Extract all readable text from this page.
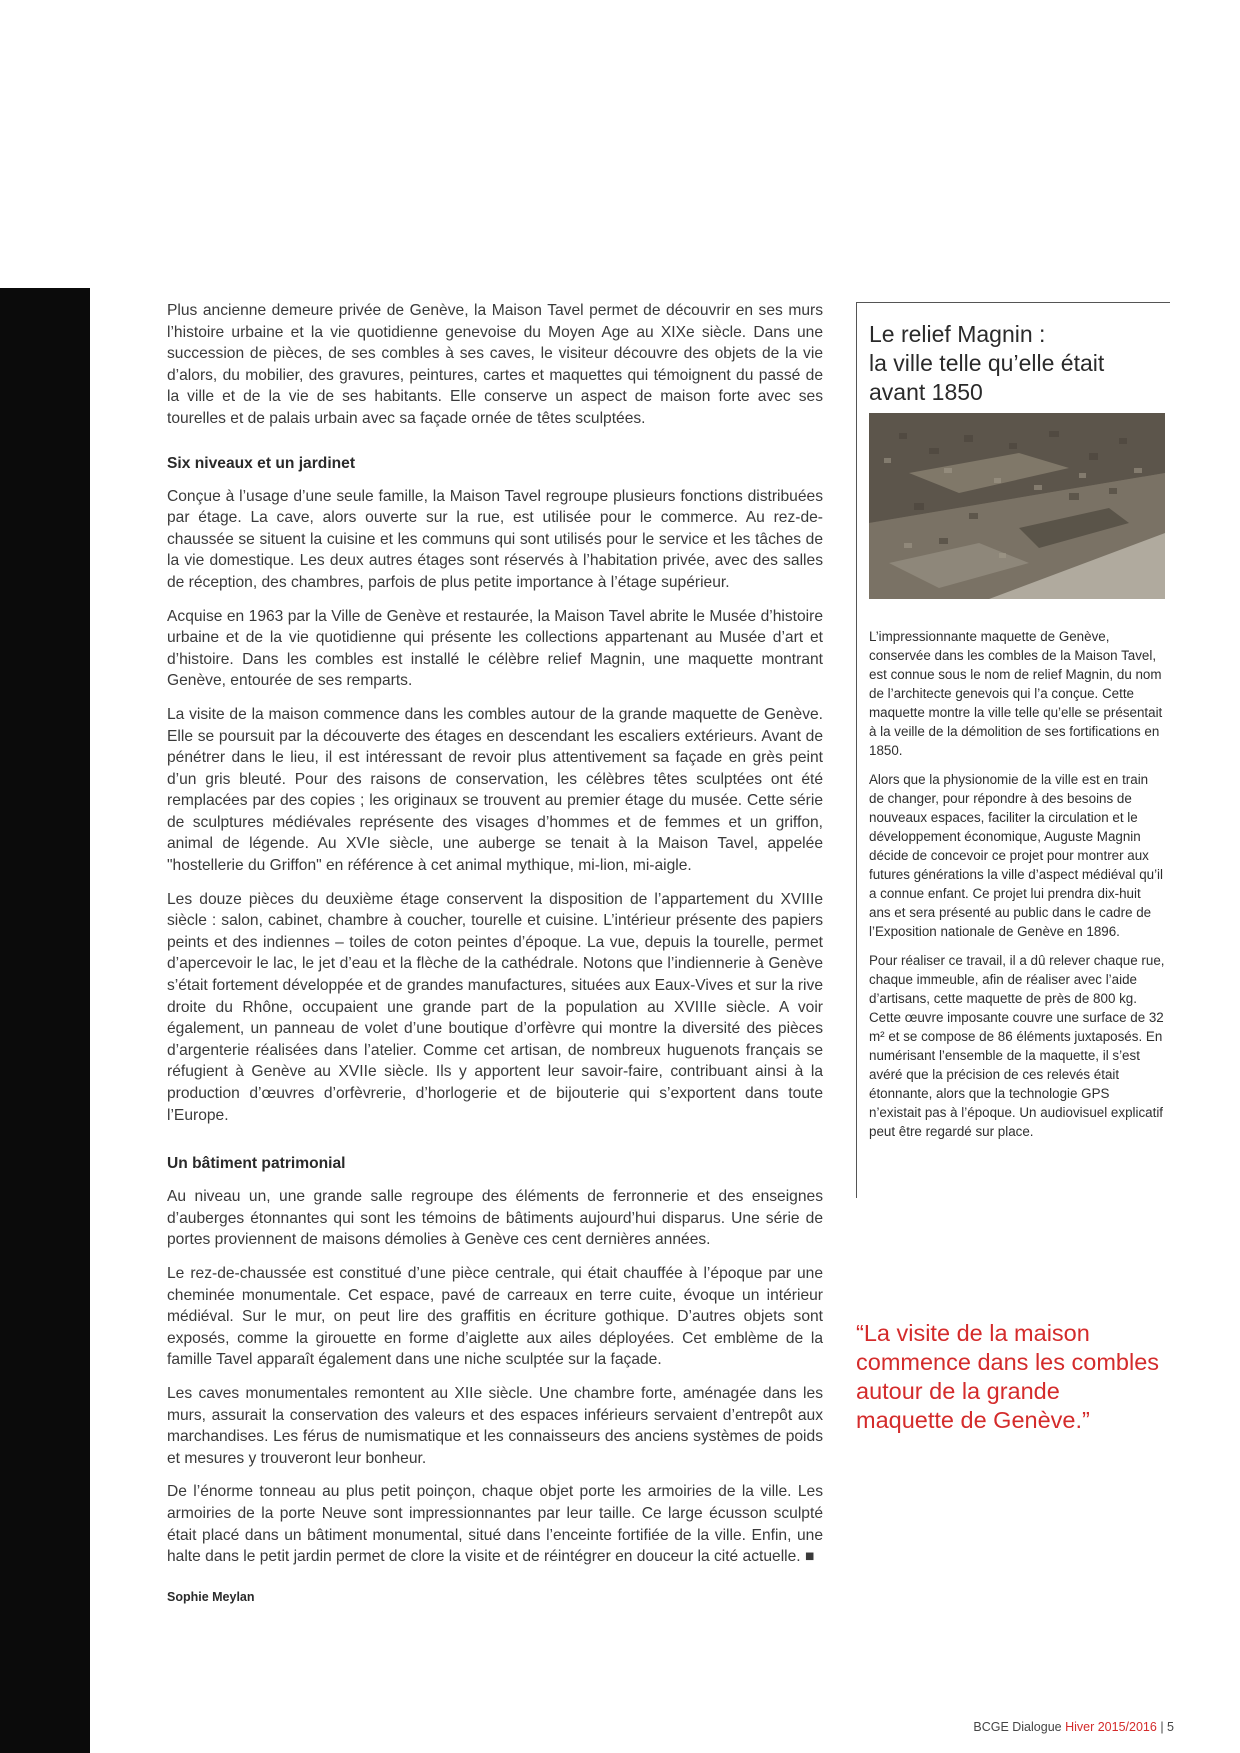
Plus ancienne demeure privée de Genève, la Maison Tavel permet de découvrir en ses murs l’histoire urbaine et la vie quotidienne genevoise du Moyen Age au XIXe siècle. Dans une succession de pièces, de ses combles à ses caves, le visiteur découvre des objets de la vie d’alors, du mobilier, des gravures, peintures, cartes et maquettes qui témoignent du passé de la ville et de la vie de ses habitants. Elle conserve un aspect de maison forte avec ses tourelles et de palais urbain avec sa façade ornée de têtes sculptées.

Six niveaux et un jardinet

Conçue à l’usage d’une seule famille, la Maison Tavel regroupe plusieurs fonctions distribuées par étage. La cave, alors ouverte sur la rue, est utilisée pour le commerce. Au rez-de-chaussée se situent la cuisine et les communs qui sont utilisés pour le service et les tâches de la vie domestique. Les deux autres étages sont réservés à l’habitation privée, avec des salles de réception, des chambres, parfois de plus petite importance à l’étage supérieur.

Acquise en 1963 par la Ville de Genève et restaurée, la Maison Tavel abrite le Musée d’histoire urbaine et de la vie quotidienne qui présente les collections appartenant au Musée d’art et d’histoire. Dans les combles est installé le célèbre relief Magnin, une maquette montrant Genève, entourée de ses remparts.

La visite de la maison commence dans les combles autour de la grande maquette de Genève. Elle se poursuit par la découverte des étages en descendant les escaliers extérieurs. Avant de pénétrer dans le lieu, il est intéressant de revoir plus attentivement sa façade en grès peint d’un gris bleuté. Pour des raisons de conservation, les célèbres têtes sculptées ont été remplacées par des copies ; les originaux se trouvent au premier étage du musée. Cette série de sculptures médiévales représente des visages d’hommes et de femmes et un griffon, animal de légende. Au XVIe siècle, une auberge se tenait à la Maison Tavel, appelée "hostellerie du Griffon" en référence à cet animal mythique, mi-lion, mi-aigle.

Les douze pièces du deuxième étage conservent la disposition de l’appartement du XVIIIe siècle : salon, cabinet, chambre à coucher, tourelle et cuisine. L’intérieur présente des papiers peints et des indiennes – toiles de coton peintes d’époque. La vue, depuis la tourelle, permet d’apercevoir le lac, le jet d’eau et la flèche de la cathédrale. Notons que l’indiennerie à Genève s’était fortement développée et de grandes manufactures, situées aux Eaux-Vives et sur la rive droite du Rhône, occupaient une grande part de la population au XVIIIe siècle. A voir également, un panneau de volet d’une boutique d’orfèvre qui montre la diversité des pièces d’argenterie réalisées dans l’atelier. Comme cet artisan, de nombreux huguenots français se réfugient à Genève au XVIIe siècle. Ils y apportent leur savoir-faire, contribuant ainsi à la production d’œuvres d’orfèvrerie, d’horlogerie et de bijouterie qui s’exportent dans toute l’Europe.

Un bâtiment patrimonial

Au niveau un, une grande salle regroupe des éléments de ferronnerie et des enseignes d’auberges étonnantes qui sont les témoins de bâtiments aujourd’hui disparus. Une série de portes proviennent de maisons démolies à Genève ces cent dernières années.

Le rez-de-chaussée est constitué d’une pièce centrale, qui était chauffée à l’époque par une cheminée monumentale. Cet espace, pavé de carreaux en terre cuite, évoque un intérieur médiéval. Sur le mur, on peut lire des graffitis en écriture gothique. D’autres objets sont exposés, comme la girouette en forme d’aiglette aux ailes déployées. Cet emblème de la famille Tavel apparaît également dans une niche sculptée sur la façade.

Les caves monumentales remontent au XIIe siècle. Une chambre forte, aménagée dans les murs, assurait la conservation des valeurs et des espaces inférieurs servaient d’entrepôt aux marchandises. Les férus de numismatique et les connaisseurs des anciens systèmes de poids et mesures y trouveront leur bonheur.

De l’énorme tonneau au plus petit poinçon, chaque objet porte les armoiries de la ville. Les armoiries de la porte Neuve sont impressionnantes par leur taille. Ce large écusson sculpté était placé dans un bâtiment monumental, situé dans l’enceinte fortifiée de la ville. Enfin, une halte dans le petit jardin permet de clore la visite et de réintégrer en douceur la cité actuelle. ■

Sophie Meylan
Le relief Magnin :
la ville telle qu’elle était
avant 1850

L’impressionnante maquette de Genève, conservée dans les combles de la Maison Tavel, est connue sous le nom de relief Magnin, du nom de l’architecte genevois qui l’a conçue. Cette maquette montre la ville telle qu’elle se présentait à la veille de la démolition de ses fortifications en 1850.

Alors que la physionomie de la ville est en train de changer, pour répondre à des besoins de nouveaux espaces, faciliter la circulation et le développement économique, Auguste Magnin décide de concevoir ce projet pour montrer aux futures générations la ville d’aspect médiéval qu’il a connue enfant. Ce projet lui prendra dix-huit ans et sera présenté au public dans le cadre de l’Exposition nationale de Genève en 1896.

Pour réaliser ce travail, il a dû relever chaque rue, chaque immeuble, afin de réaliser avec l’aide d’artisans, cette maquette de près de 800 kg. Cette œuvre imposante couvre une surface de 32 m² et se compose de 86 éléments juxtaposés. En numérisant l’ensemble de la maquette, il s’est avéré que la précision de ces relevés était étonnante, alors que la technologie GPS n’existait pas à l’époque. Un audiovisuel explicatif peut être regardé sur place.

“La visite de la maison
commence dans les combles
autour de la grande
maquette de Genève.”
BCGE Dialogue Hiver 2015/2016 | 5
